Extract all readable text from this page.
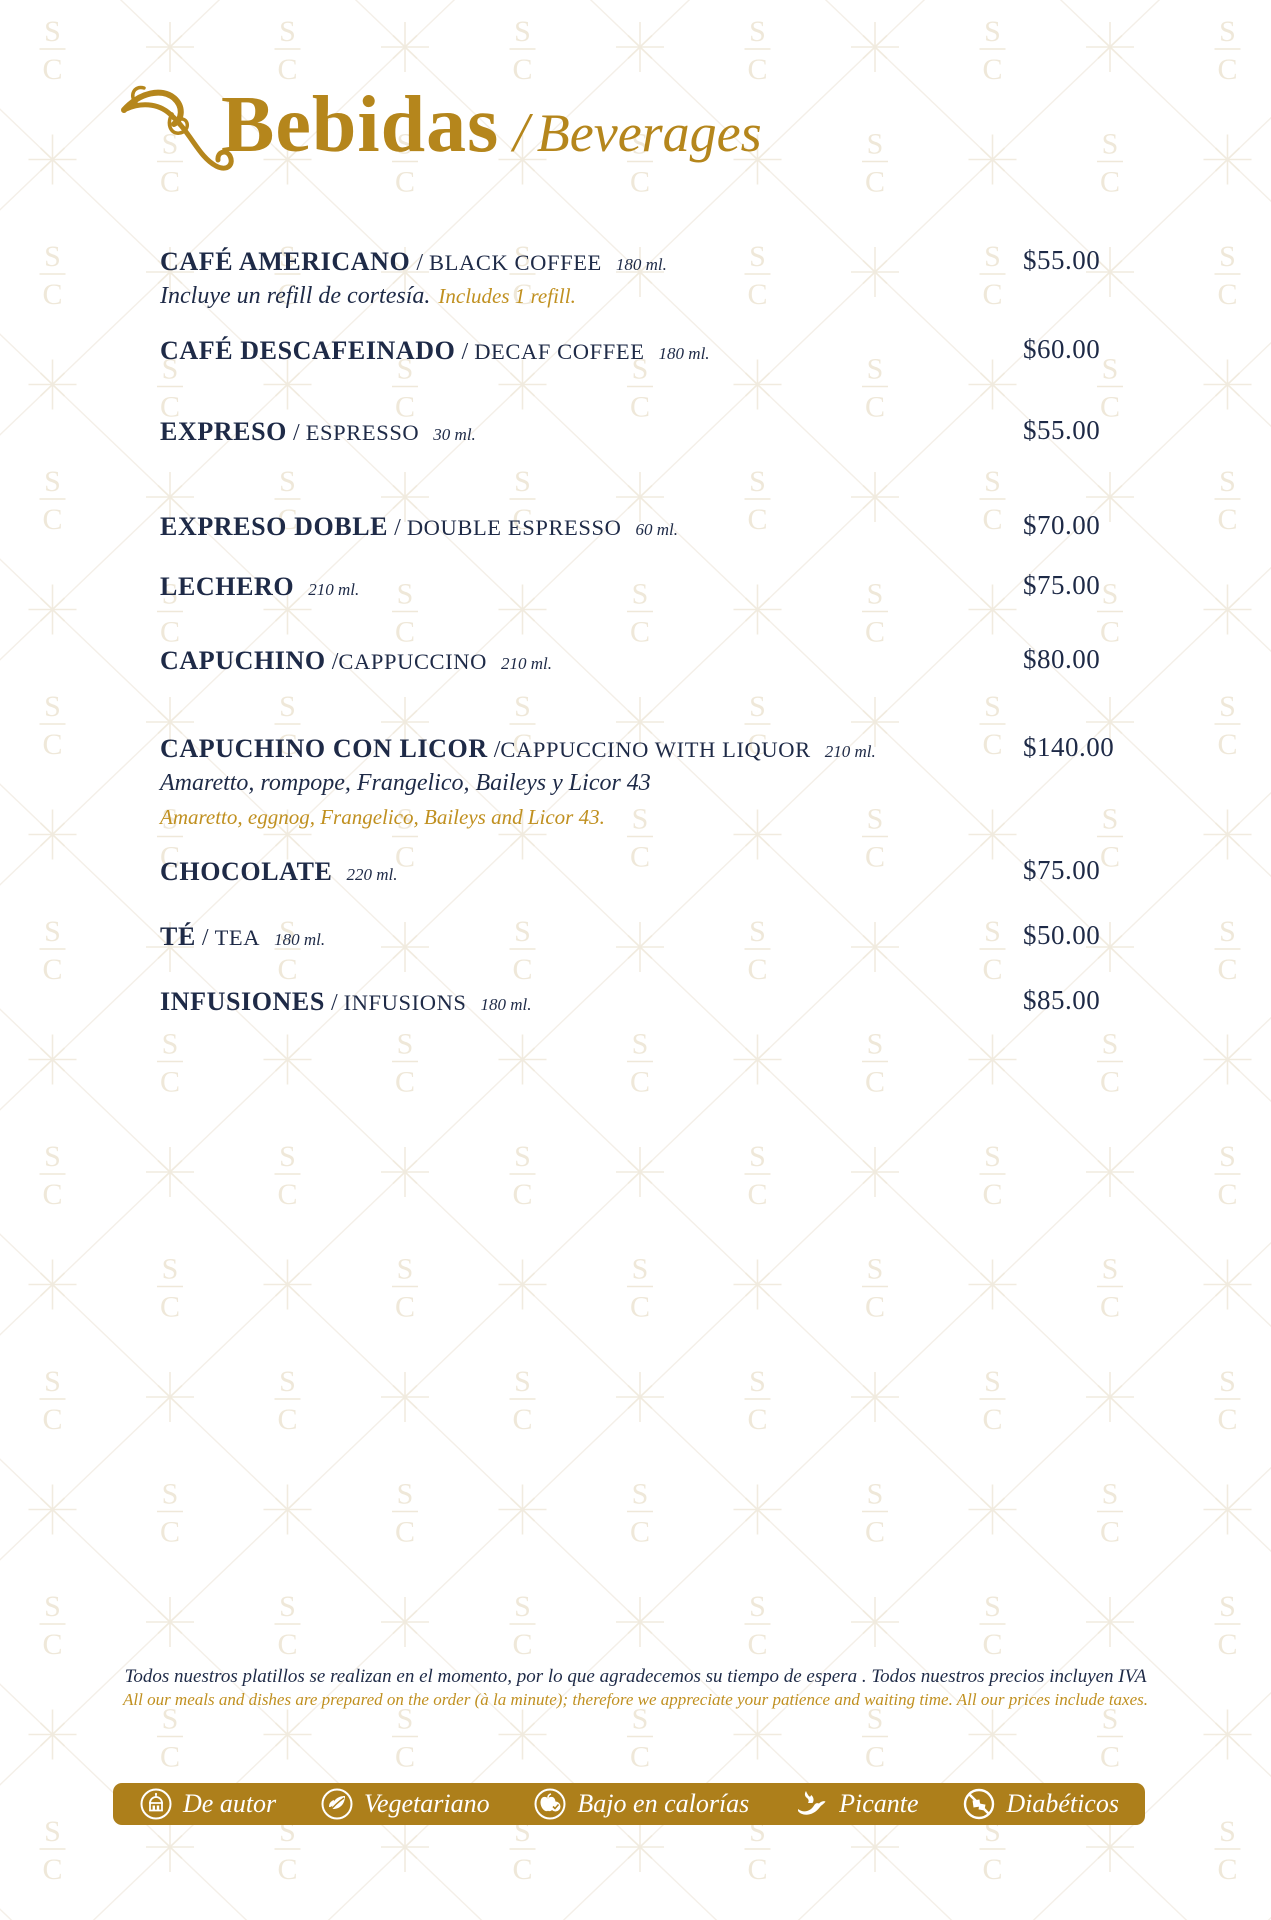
Bebidas / Beverages
CAFÉ AMERICANO / BLACK COFFEE 180 ml.
Incluye un refill de cortesía. Includes 1 refill.
$55.00
CAFÉ DESCAFEINADO / DECAF COFFEE 180 ml.	$60.00
EXPRESO / ESPRESSO 30 ml.	$55.00
EXPRESO DOBLE / DOUBLE ESPRESSO 60 ml.	$70.00
LECHERO 210 ml.	$75.00
CAPUCHINO /CAPPUCCINO 210 ml.	$80.00
CAPUCHINO CON LICOR /CAPPUCCINO WITH LIQUOR 210 ml.
Amaretto, rompope, Frangelico, Baileys y Licor 43
Amaretto, eggnog, Frangelico, Baileys and Licor 43.
$140.00
CHOCOLATE 220 ml.	$75.00
TÉ / TEA 180 ml.	$50.00
INFUSIONES / INFUSIONS 180 ml.	$85.00
Todos nuestros platillos se realizan en el momento, por lo que agradecemos su tiempo de espera . Todos nuestros precios incluyen IVA
All our meals and dishes are prepared on the order (à la minute); therefore we appreciate your patience and waiting time. All our prices include taxes.
De autor	Vegetariano	Bajo en calorías	Picante	Diabéticos
